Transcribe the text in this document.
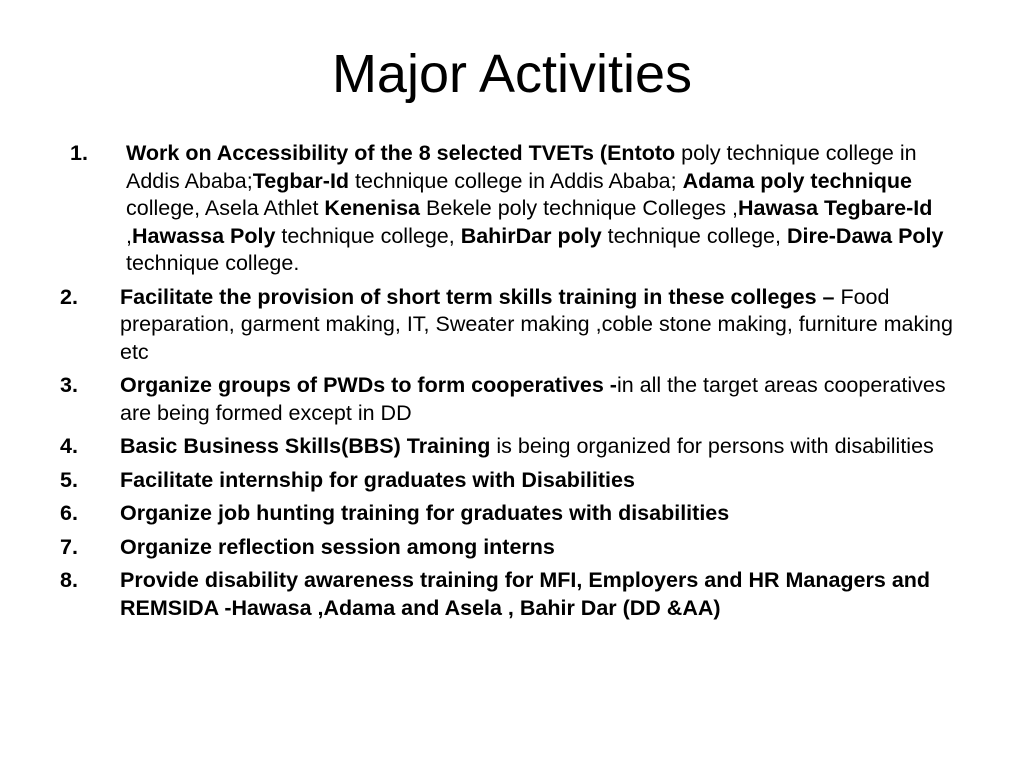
Major Activities
1. Work on Accessibility of the 8 selected TVETs (Entoto poly technique college in Addis Ababa;Tegbar-Id technique college in Addis Ababa; Adama poly technique college, Asela Athlet Kenenisa Bekele poly technique Colleges ,Hawasa Tegbare-Id ,Hawassa Poly technique college, BahirDar poly technique college, Dire-Dawa Poly technique college.
2. Facilitate the provision of short term skills training in these colleges – Food preparation, garment making, IT, Sweater making ,coble stone making, furniture making etc
3. Organize groups of PWDs to form cooperatives -in all the target areas cooperatives are being formed except in DD
4. Basic Business Skills(BBS) Training is being organized for persons with disabilities
5. Facilitate internship for graduates with Disabilities
6. Organize job hunting training for graduates with disabilities
7. Organize reflection session among interns
8. Provide disability awareness training for MFI, Employers and HR Managers and REMSIDA -Hawasa ,Adama and Asela , Bahir Dar (DD &AA)
